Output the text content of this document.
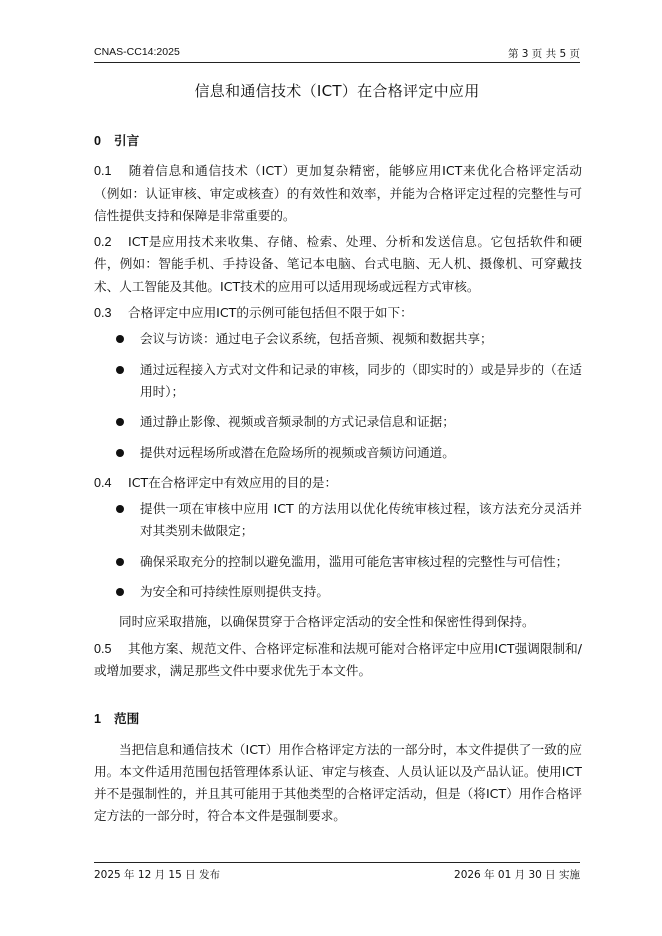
CNAS-CC14:2025	第 3 页 共 5 页
信息和通信技术（ICT）在合格评定中应用

0 引言

0.1 随着信息和通信技术（ICT）更加复杂精密，能够应用ICT来优化合格评定活动（例如：认证审核、审定或核查）的有效性和效率，并能为合格评定过程的完整性与可信性提供支持和保障是非常重要的。

0.2 ICT是应用技术来收集、存储、检索、处理、分析和发送信息。它包括软件和硬件，例如：智能手机、手持设备、笔记本电脑、台式电脑、无人机、摄像机、可穿戴技术、人工智能及其他。ICT技术的应用可以适用现场或远程方式审核。

0.3 合格评定中应用ICT的示例可能包括但不限于如下：

会议与访谈：通过电子会议系统，包括音频、视频和数据共享；
通过远程接入方式对文件和记录的审核，同步的（即实时的）或是异步的（在适用时）；
通过静止影像、视频或音频录制的方式记录信息和证据；
提供对远程场所或潜在危险场所的视频或音频访问通道。

0.4 ICT在合格评定中有效应用的目的是：

提供一项在审核中应用 ICT 的方法用以优化传统审核过程，该方法充分灵活并对其类别未做限定；
确保采取充分的控制以避免滥用，滥用可能危害审核过程的完整性与可信性；
为安全和可持续性原则提供支持。

同时应采取措施，以确保贯穿于合格评定活动的安全性和保密性得到保持。

0.5 其他方案、规范文件、合格评定标准和法规可能对合格评定中应用ICT强调限制和/或增加要求，满足那些文件中要求优先于本文件。

1 范围

当把信息和通信技术（ICT）用作合格评定方法的一部分时，本文件提供了一致的应用。本文件适用范围包括管理体系认证、审定与核查、人员认证以及产品认证。使用ICT并不是强制性的，并且其可能用于其他类型的合格评定活动，但是（将ICT）用作合格评定方法的一部分时，符合本文件是强制要求。

2025 年 12 月 15 日 发布	2026 年 01 月 30 日 实施
